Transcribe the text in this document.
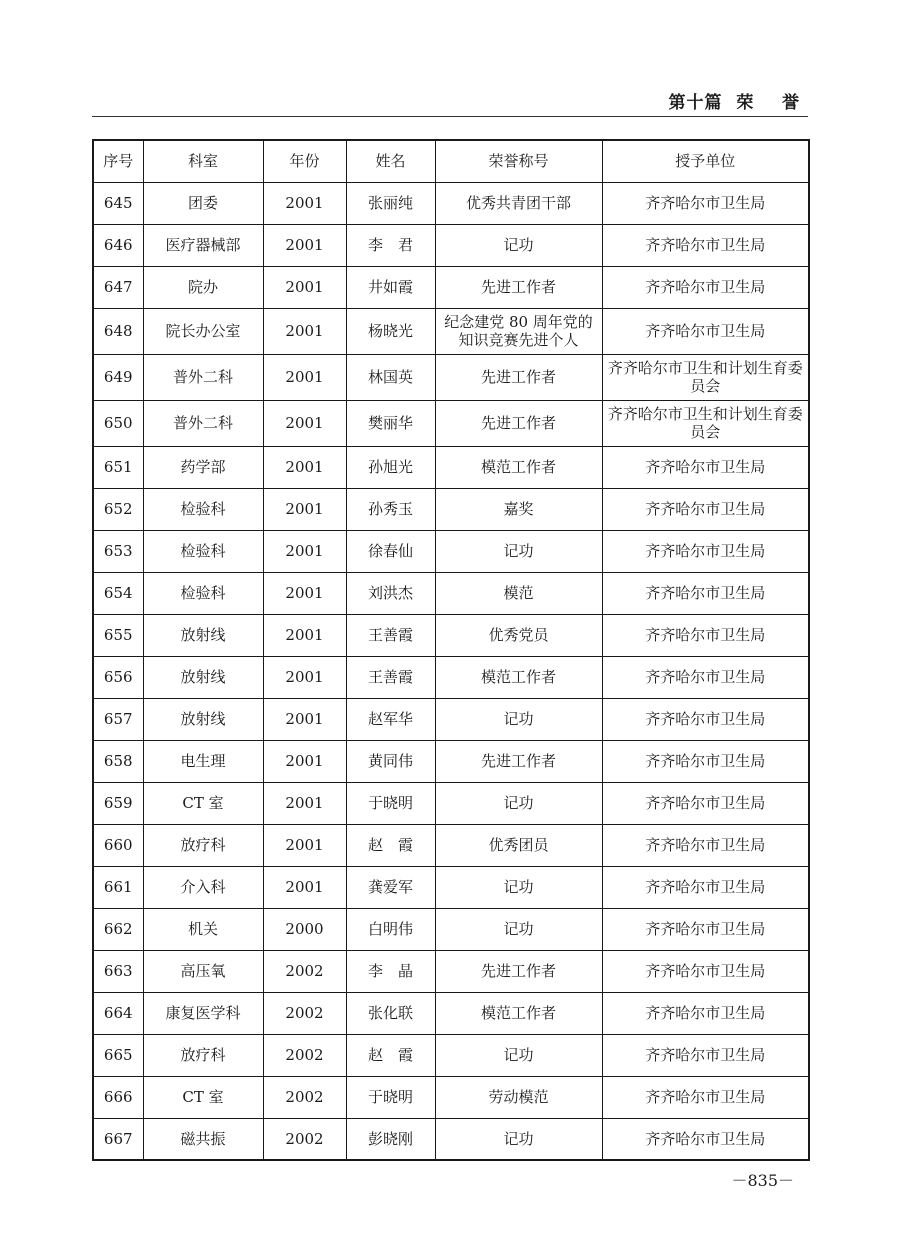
第十篇  荣    誉
序号	科室	年份	姓名	荣誉称号	授予单位
645	团委	2001	张丽纯	优秀共青团干部	齐齐哈尔市卫生局
646	医疗器械部	2001	李　君	记功	齐齐哈尔市卫生局
647	院办	2001	井如霞	先进工作者	齐齐哈尔市卫生局
648	院长办公室	2001	杨晓光	纪念建党 80 周年党的知识竞赛先进个人	齐齐哈尔市卫生局
649	普外二科	2001	林国英	先进工作者	齐齐哈尔市卫生和计划生育委员会
650	普外二科	2001	樊丽华	先进工作者	齐齐哈尔市卫生和计划生育委员会
651	药学部	2001	孙旭光	模范工作者	齐齐哈尔市卫生局
652	检验科	2001	孙秀玉	嘉奖	齐齐哈尔市卫生局
653	检验科	2001	徐春仙	记功	齐齐哈尔市卫生局
654	检验科	2001	刘洪杰	模范	齐齐哈尔市卫生局
655	放射线	2001	王善霞	优秀党员	齐齐哈尔市卫生局
656	放射线	2001	王善霞	模范工作者	齐齐哈尔市卫生局
657	放射线	2001	赵军华	记功	齐齐哈尔市卫生局
658	电生理	2001	黄同伟	先进工作者	齐齐哈尔市卫生局
659	CT 室	2001	于晓明	记功	齐齐哈尔市卫生局
660	放疗科	2001	赵　霞	优秀团员	齐齐哈尔市卫生局
661	介入科	2001	龚爱军	记功	齐齐哈尔市卫生局
662	机关	2000	白明伟	记功	齐齐哈尔市卫生局
663	高压氧	2002	李　晶	先进工作者	齐齐哈尔市卫生局
664	康复医学科	2002	张化联	模范工作者	齐齐哈尔市卫生局
665	放疗科	2002	赵　霞	记功	齐齐哈尔市卫生局
666	CT 室	2002	于晓明	劳动模范	齐齐哈尔市卫生局
667	磁共振	2002	彭晓刚	记功	齐齐哈尔市卫生局
－835－
